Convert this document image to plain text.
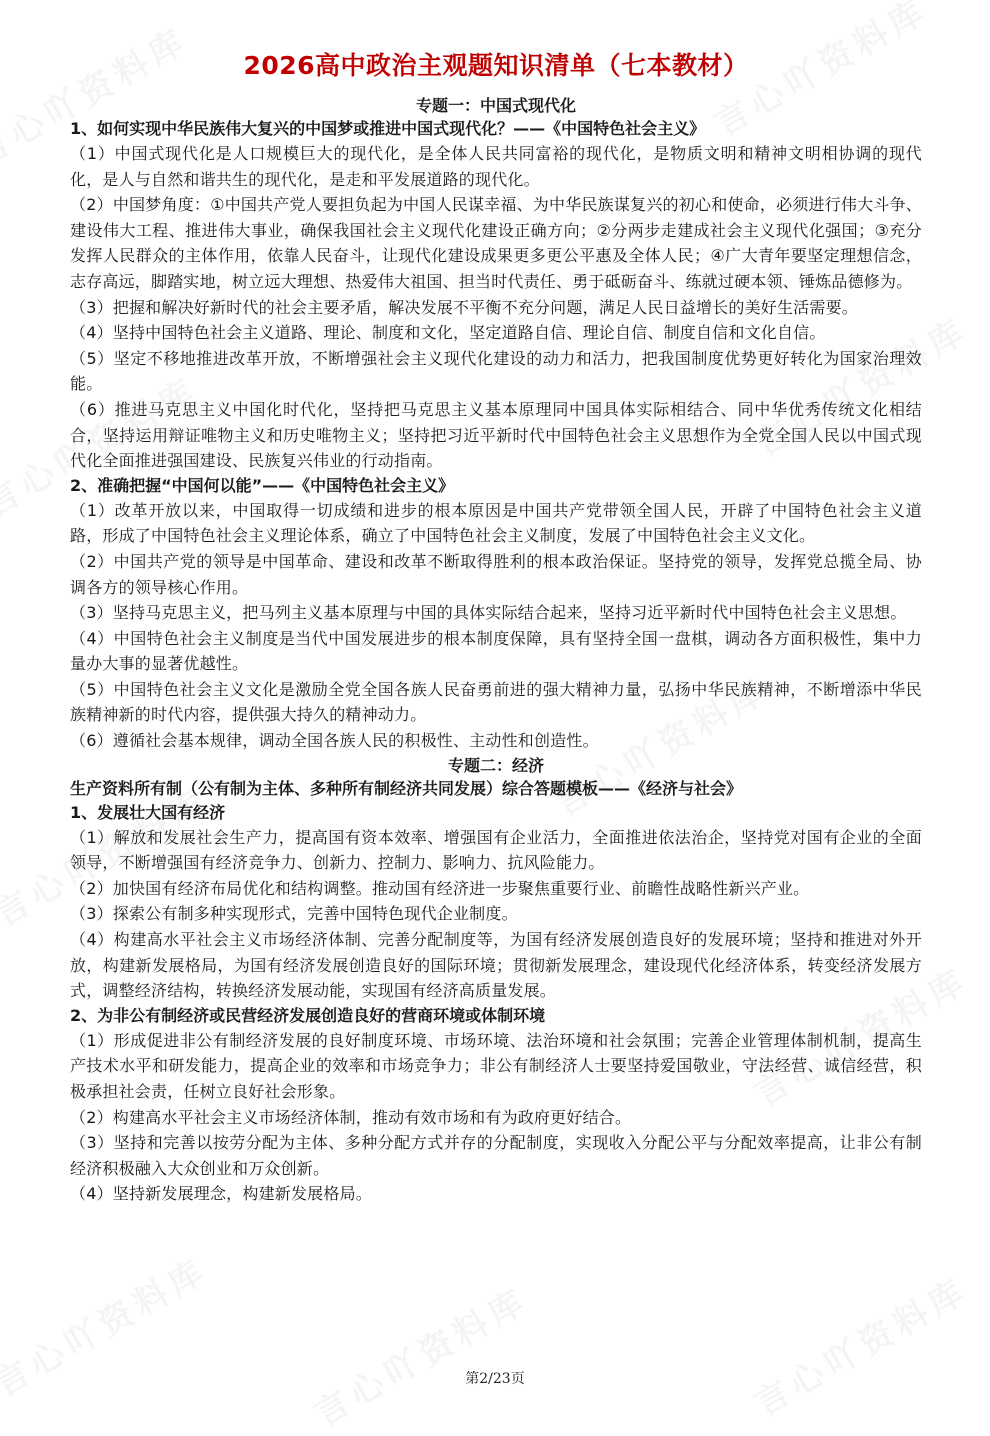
2026高中政治主观题知识清单（七本教材）
专题一：中国式现代化
1、如何实现中华民族伟大复兴的中国梦或推进中国式现代化？——《中国特色社会主义》

（1）中国式现代化是人口规模巨大的现代化，是全体人民共同富裕的现代化，是物质文明和精神文明相协调的现代化，是人与自然和谐共生的现代化，是走和平发展道路的现代化。

（2）中国梦角度：①中国共产党人要担负起为中国人民谋幸福、为中华民族谋复兴的初心和使命，必须进行伟大斗争、建设伟大工程、推进伟大事业，确保我国社会主义现代化建设正确方向；②分两步走建成社会主义现代化强国；③充分发挥人民群众的主体作用，依靠人民奋斗，让现代化建设成果更多更公平惠及全体人民；④广大青年要坚定理想信念，志存高远，脚踏实地，树立远大理想、热爱伟大祖国、担当时代责任、勇于砥砺奋斗、练就过硬本领、锤炼品德修为。

（3）把握和解决好新时代的社会主要矛盾，解决发展不平衡不充分问题，满足人民日益增长的美好生活需要。

（4）坚持中国特色社会主义道路、理论、制度和文化，坚定道路自信、理论自信、制度自信和文化自信。

（5）坚定不移地推进改革开放，不断增强社会主义现代化建设的动力和活力，把我国制度优势更好转化为国家治理效能。

（6）推进马克思主义中国化时代化，坚持把马克思主义基本原理同中国具体实际相结合、同中华优秀传统文化相结合，坚持运用辩证唯物主义和历史唯物主义；坚持把习近平新时代中国特色社会主义思想作为全党全国人民以中国式现代化全面推进强国建设、民族复兴伟业的行动指南。

2、准确把握“中国何以能”——《中国特色社会主义》

（1）改革开放以来，中国取得一切成绩和进步的根本原因是中国共产党带领全国人民，开辟了中国特色社会主义道路，形成了中国特色社会主义理论体系，确立了中国特色社会主义制度，发展了中国特色社会主义文化。

（2）中国共产党的领导是中国革命、建设和改革不断取得胜利的根本政治保证。坚持党的领导，发挥党总揽全局、协调各方的领导核心作用。

（3）坚持马克思主义，把马列主义基本原理与中国的具体实际结合起来，坚持习近平新时代中国特色社会主义思想。

（4）中国特色社会主义制度是当代中国发展进步的根本制度保障，具有坚持全国一盘棋，调动各方面积极性，集中力量办大事的显著优越性。

（5）中国特色社会主义文化是激励全党全国各族人民奋勇前进的强大精神力量，弘扬中华民族精神，不断增添中华民族精神新的时代内容，提供强大持久的精神动力。

（6）遵循社会基本规律，调动全国各族人民的积极性、主动性和创造性。

专题二：经济
生产资料所有制（公有制为主体、多种所有制经济共同发展）综合答题模板——《经济与社会》
1、发展壮大国有经济

（1）解放和发展社会生产力，提高国有资本效率、增强国有企业活力，全面推进依法治企，坚持党对国有企业的全面领导，不断增强国有经济竞争力、创新力、控制力、影响力、抗风险能力。

（2）加快国有经济布局优化和结构调整。推动国有经济进一步聚焦重要行业、前瞻性战略性新兴产业。

（3）探索公有制多种实现形式，完善中国特色现代企业制度。

（4）构建高水平社会主义市场经济体制、完善分配制度等，为国有经济发展创造良好的发展环境；坚持和推进对外开放，构建新发展格局，为国有经济发展创造良好的国际环境；贯彻新发展理念，建设现代化经济体系，转变经济发展方式，调整经济结构，转换经济发展动能，实现国有经济高质量发展。

2、为非公有制经济或民营经济发展创造良好的营商环境或体制环境

（1）形成促进非公有制经济发展的良好制度环境、市场环境、法治环境和社会氛围；完善企业管理体制机制，提高生产技术水平和研发能力，提高企业的效率和市场竞争力；非公有制经济人士要坚持爱国敬业，守法经营、诚信经营，积极承担社会责，任树立良好社会形象。

（2）构建高水平社会主义市场经济体制，推动有效市场和有为政府更好结合。

（3）坚持和完善以按劳分配为主体、多种分配方式并存的分配制度，实现收入分配公平与分配效率提高，让非公有制经济积极融入大众创业和万众创新。

（4）坚持新发展理念，构建新发展格局。

第2/23页
